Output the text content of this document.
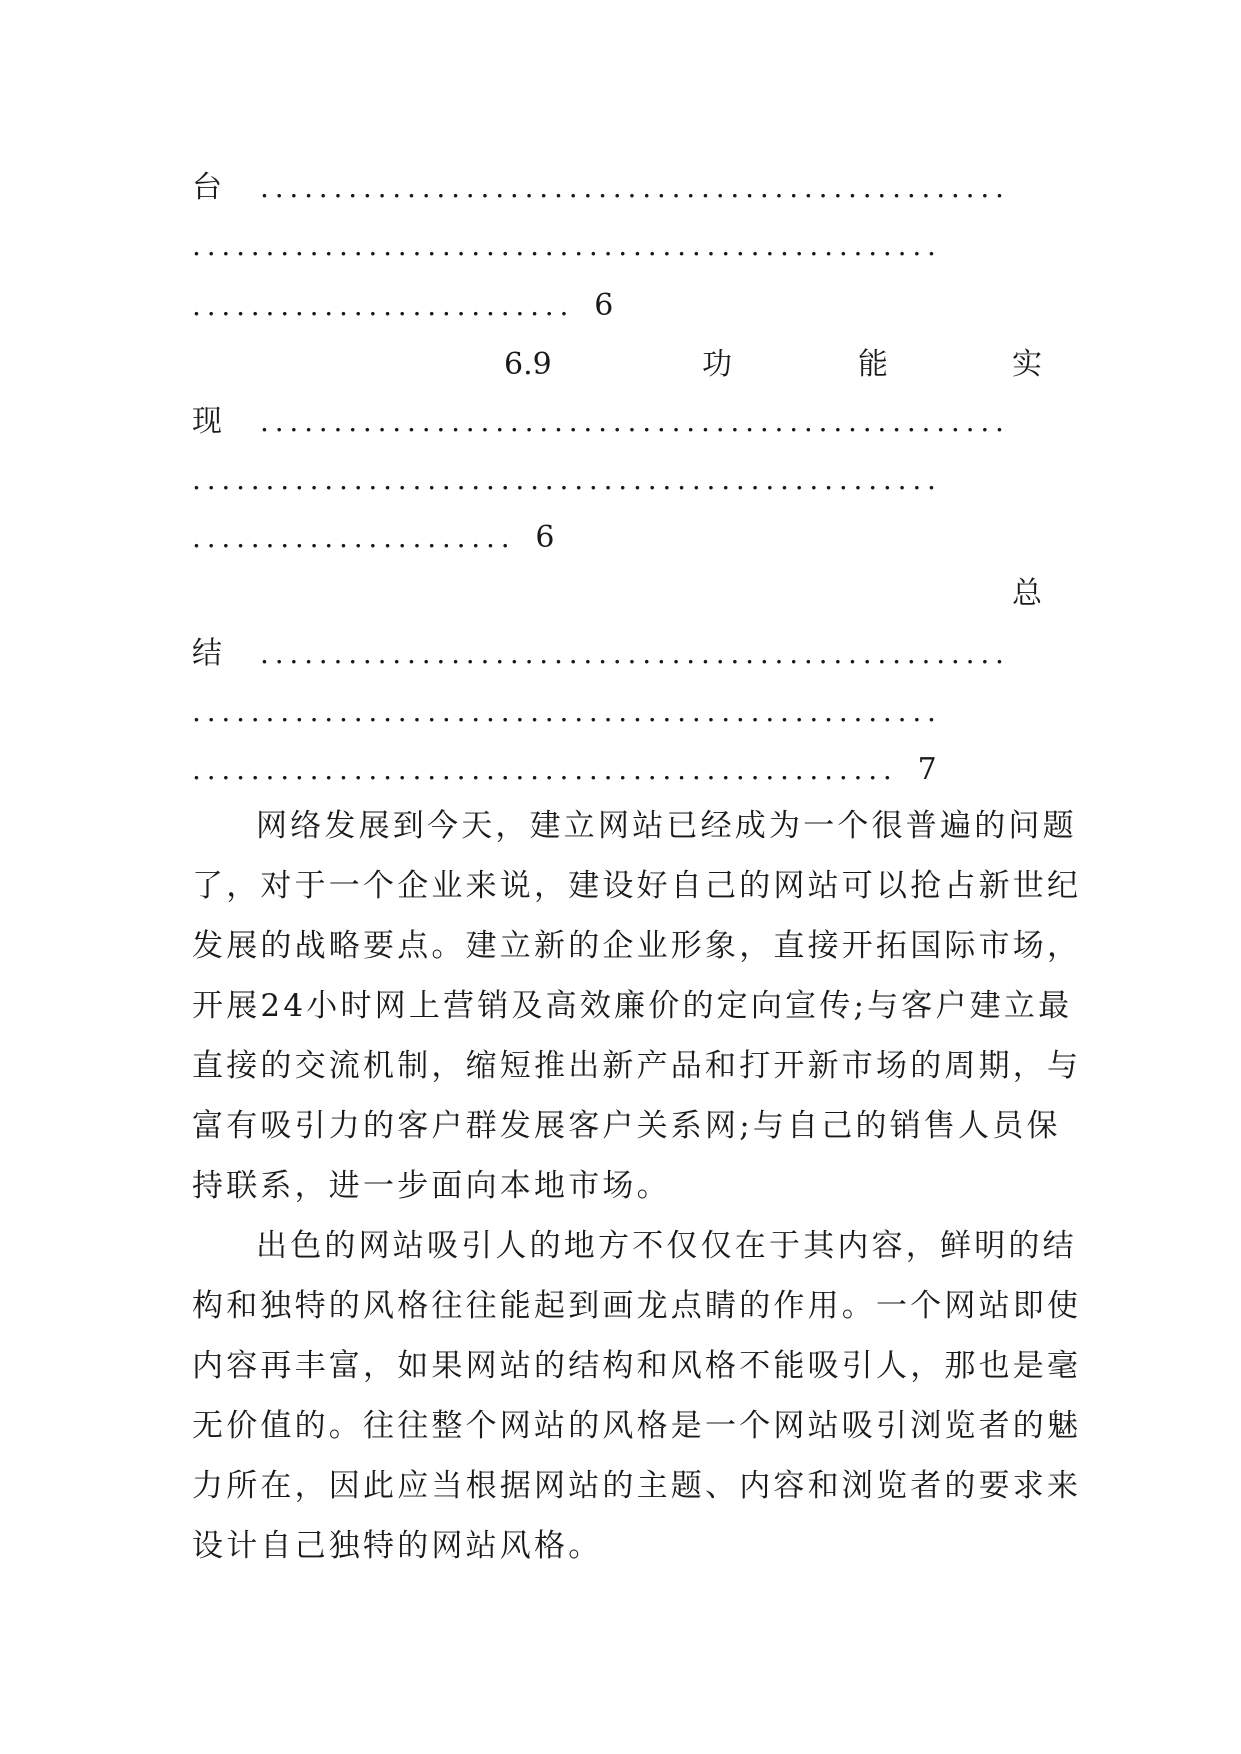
台 ...................................................
...................................................
.......................... 6
6.9	功	能	实
现 ...................................................
...................................................
...................... 6
总
结 ...................................................
...................................................
................................................ 7
网络发展到今天，建立网站已经成为一个很普遍的问题
了，对于一个企业来说，建设好自己的网站可以抢占新世纪
发展的战略要点。建立新的企业形象，直接开拓国际市场，
开展24小时网上营销及高效廉价的定向宣传;与客户建立最
直接的交流机制，缩短推出新产品和打开新市场的周期，与
富有吸引力的客户群发展客户关系网;与自己的销售人员保
持联系，进一步面向本地市场。
出色的网站吸引人的地方不仅仅在于其内容，鲜明的结
构和独特的风格往往能起到画龙点睛的作用。一个网站即使
内容再丰富，如果网站的结构和风格不能吸引人，那也是毫
无价值的。往往整个网站的风格是一个网站吸引浏览者的魅
力所在，因此应当根据网站的主题、内容和浏览者的要求来
设计自己独特的网站风格。
